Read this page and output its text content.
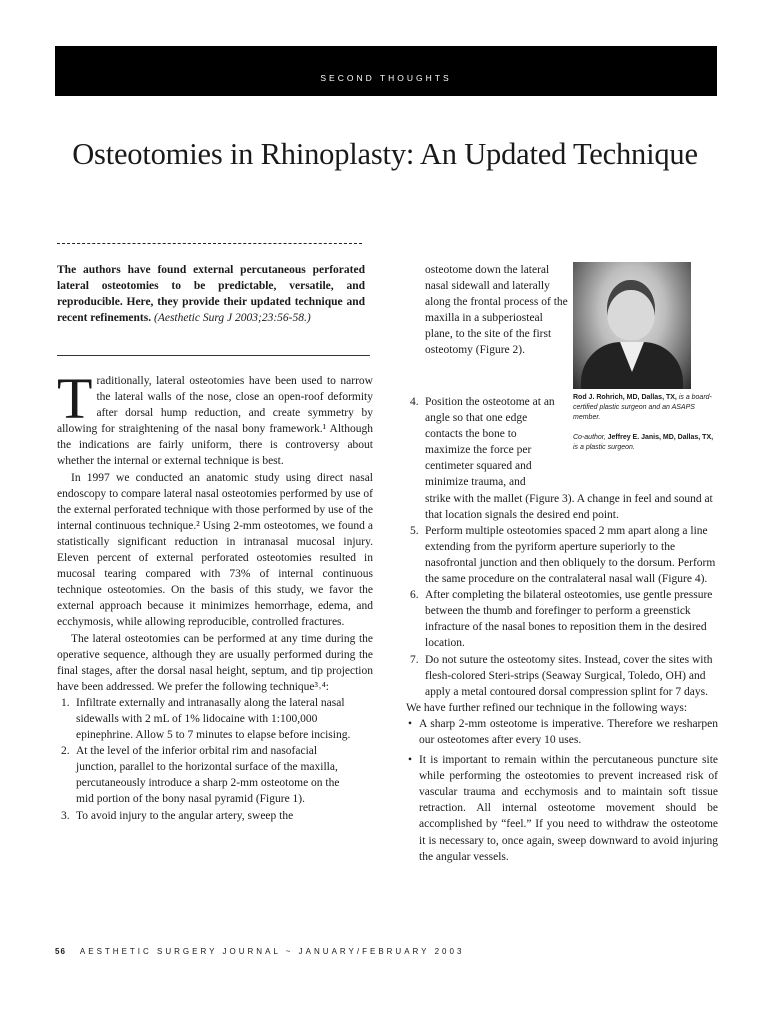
SECOND THOUGHTS
Osteotomies in Rhinoplasty: An Updated Technique
The authors have found external percutaneous perforated lateral osteotomies to be predictable, versatile, and reproducible. Here, they provide their updated technique and recent refinements. (Aesthetic Surg J 2003;23:56-58.)

Traditionally, lateral osteotomies have been used to narrow the lateral walls of the nose, close an open-roof deformity after dorsal hump reduction, and create symmetry by allowing for straightening of the nasal bony framework.¹ Although the indications are fairly uniform, there is controversy about whether the internal or external technique is best.

In 1997 we conducted an anatomic study using direct nasal endoscopy to compare lateral nasal osteotomies performed by use of the external perforated technique with those performed by use of the internal continuous technique.² Using 2-mm osteotomes, we found a statistically significant reduction in intranasal mucosal injury. Eleven percent of external perforated osteotomies resulted in mucosal tearing compared with 73% of internal continuous technique osteotomies. On the basis of this study, we favor the external approach because it minimizes hemorrhage, edema, and ecchymosis, while allowing reproducible, controlled fractures.

The lateral osteotomies can be performed at any time during the operative sequence, although they are usually performed during the final stages, after the dorsal nasal height, septum, and tip projection have been addressed. We prefer the following technique³˒⁴:

1. Infiltrate externally and intranasally along the lateral nasal sidewalls with 2 mL of 1% lidocaine with 1:100,000 epinephrine. Allow 5 to 7 minutes to elapse before incising.
2. At the level of the inferior orbital rim and nasofacial junction, parallel to the horizontal surface of the maxilla, percutaneously introduce a sharp 2-mm osteotome on the mid portion of the bony nasal pyramid (Figure 1).
3. To avoid injury to the angular artery, sweep the
osteotome down the lateral nasal sidewall and laterally along the frontal process of the maxilla in a subperiosteal plane, to the site of the first osteotomy (Figure 2).

Rod J. Rohrich, MD, Dallas, TX, is a board-certified plastic surgeon and an ASAPS member.

Co-author, Jeffrey E. Janis, MD, Dallas, TX, is a plastic surgeon.

4. Position the osteotome at an angle so that one edge contacts the bone to maximize the force per centimeter squared and minimize trauma, and
strike with the mallet (Figure 3). A change in feel and sound at that location signals the desired end point.
5. Perform multiple osteotomies spaced 2 mm apart along a line extending from the pyriform aperture superiorly to the nasofrontal junction and then obliquely to the dorsum. Perform the same procedure on the contralateral nasal wall (Figure 4).
6. After completing the bilateral osteotomies, use gentle pressure between the thumb and forefinger to perform a greenstick infracture of the nasal bones to reposition them in the desired location.
7. Do not suture the osteotomy sites. Instead, cover the sites with flesh-colored Steri-strips (Seaway Surgical, Toledo, OH) and apply a metal contoured dorsal compression splint for 7 days.

We have further refined our technique in the following ways:

• A sharp 2-mm osteotome is imperative. Therefore we resharpen our osteotomes after every 10 uses.
• It is important to remain within the percutaneous puncture site while performing the osteotomies to prevent increased risk of vascular trauma and ecchymosis and to maintain soft tissue retraction. All internal osteotome movement should be accomplished by “feel.” If you need to withdraw the osteotome it is necessary to, once again, sweep downward to avoid injuring the angular vessels.
56 AESTHETIC SURGERY JOURNAL ~ JANUARY/FEBRUARY 2003
